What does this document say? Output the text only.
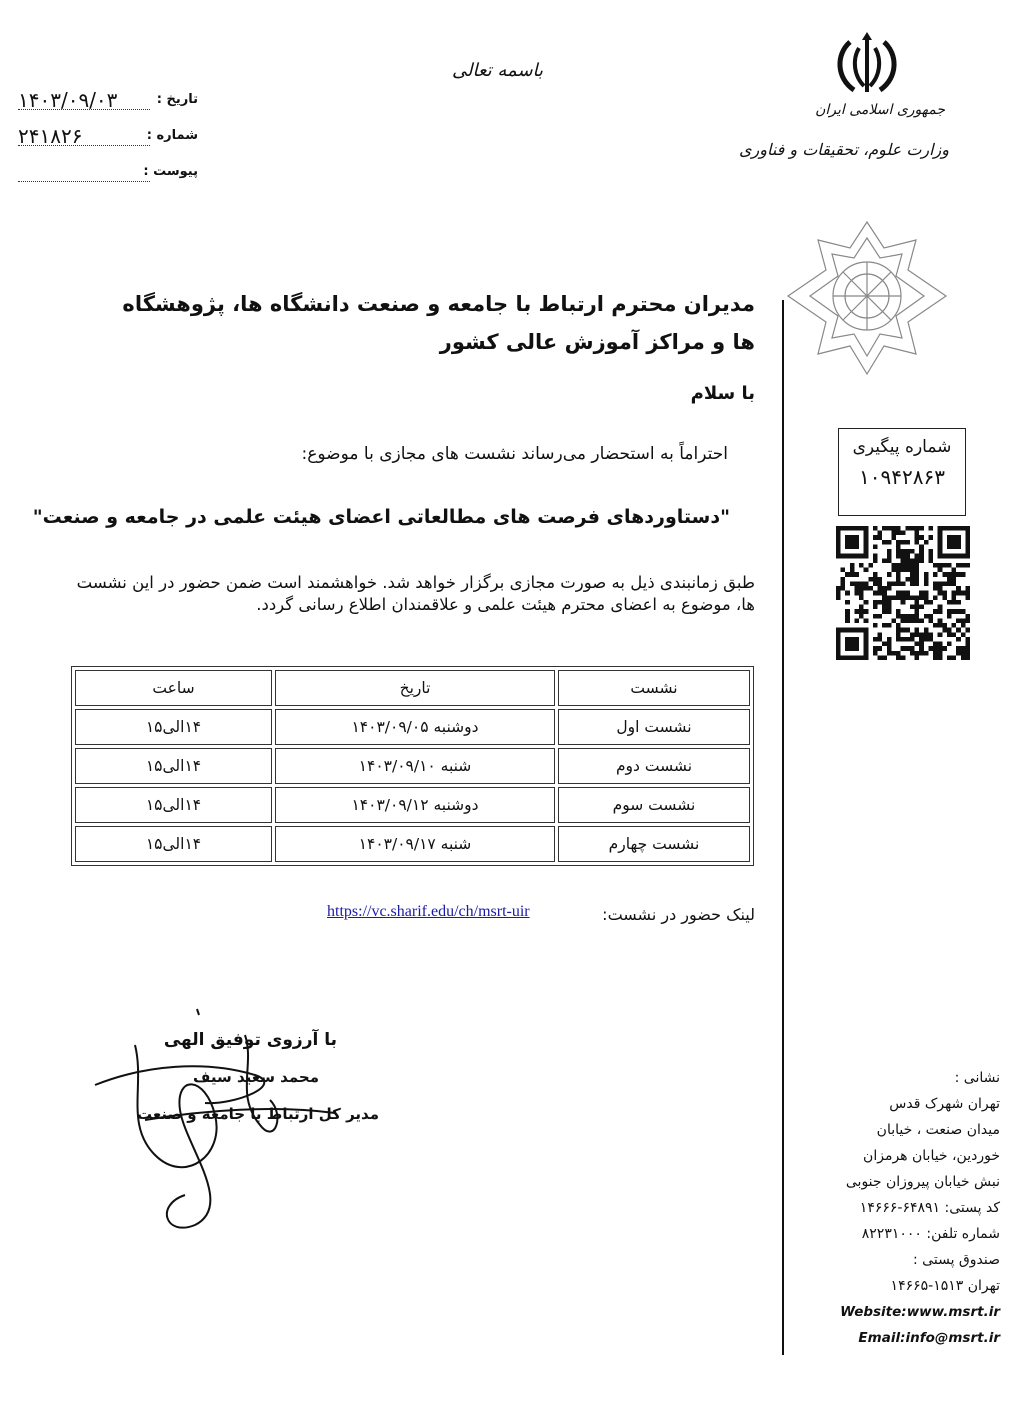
باسمه تعالی
۱۴۰۳/۰۹/۰۳	تاریخ :
۲۴۱۸۲۶	شماره :
پیوست :
جمهوری اسلامی ایران
وزارت علوم، تحقیقات و فناوری
مدیران محترم ارتباط با جامعه و صنعت دانشگاه ها، پژوهشگاه ها و مراکز آموزش عالی کشور
با سلام
احتراماً به استحضار می‌رساند نشست های مجازی با موضوع:
"دستاوردهای فرصت های مطالعاتی اعضای هیئت علمی در جامعه و صنعت"
طبق زمانبندی ذیل به صورت مجازی برگزار خواهد شد. خواهشمند است ضمن حضور در این نشست ها، موضوع به اعضای محترم هیئت علمی و علاقمندان اطلاع رسانی گردد.
شماره پیگیری
۱۰۹۴۲۸۶۳
نشست	تاریخ	ساعت
نشست اول	دوشنبه ۱۴۰۳/۰۹/۰۵	۱۴الی۱۵
نشست دوم	شنبه ۱۴۰۳/۰۹/۱۰	۱۴الی۱۵
نشست سوم	دوشنبه ۱۴۰۳/۰۹/۱۲	۱۴الی۱۵
نشست چهارم	شنبه ۱۴۰۳/۰۹/۱۷	۱۴الی۱۵
لینک حضور در نشست:
https://vc.sharif.edu/ch/msrt-uir
با آرزوی توفیق الهی
محمد سعید سیف
مدیر کل ارتباط با جامعه و صنعت
نشانی :
تهران شهرک قدس
میدان صنعت ، خیابان
خوردین، خیابان هرمزان
نبش خیابان پیروزان جنوبی
کد پستی: ۶۴۸۹۱-۱۴۶۶۶
شماره تلفن: ۸۲۲۳۱۰۰۰
صندوق پستی :
تهران ۱۵۱۳-۱۴۶۶۵
Website:www.msrt.ir
Email:info@msrt.ir
